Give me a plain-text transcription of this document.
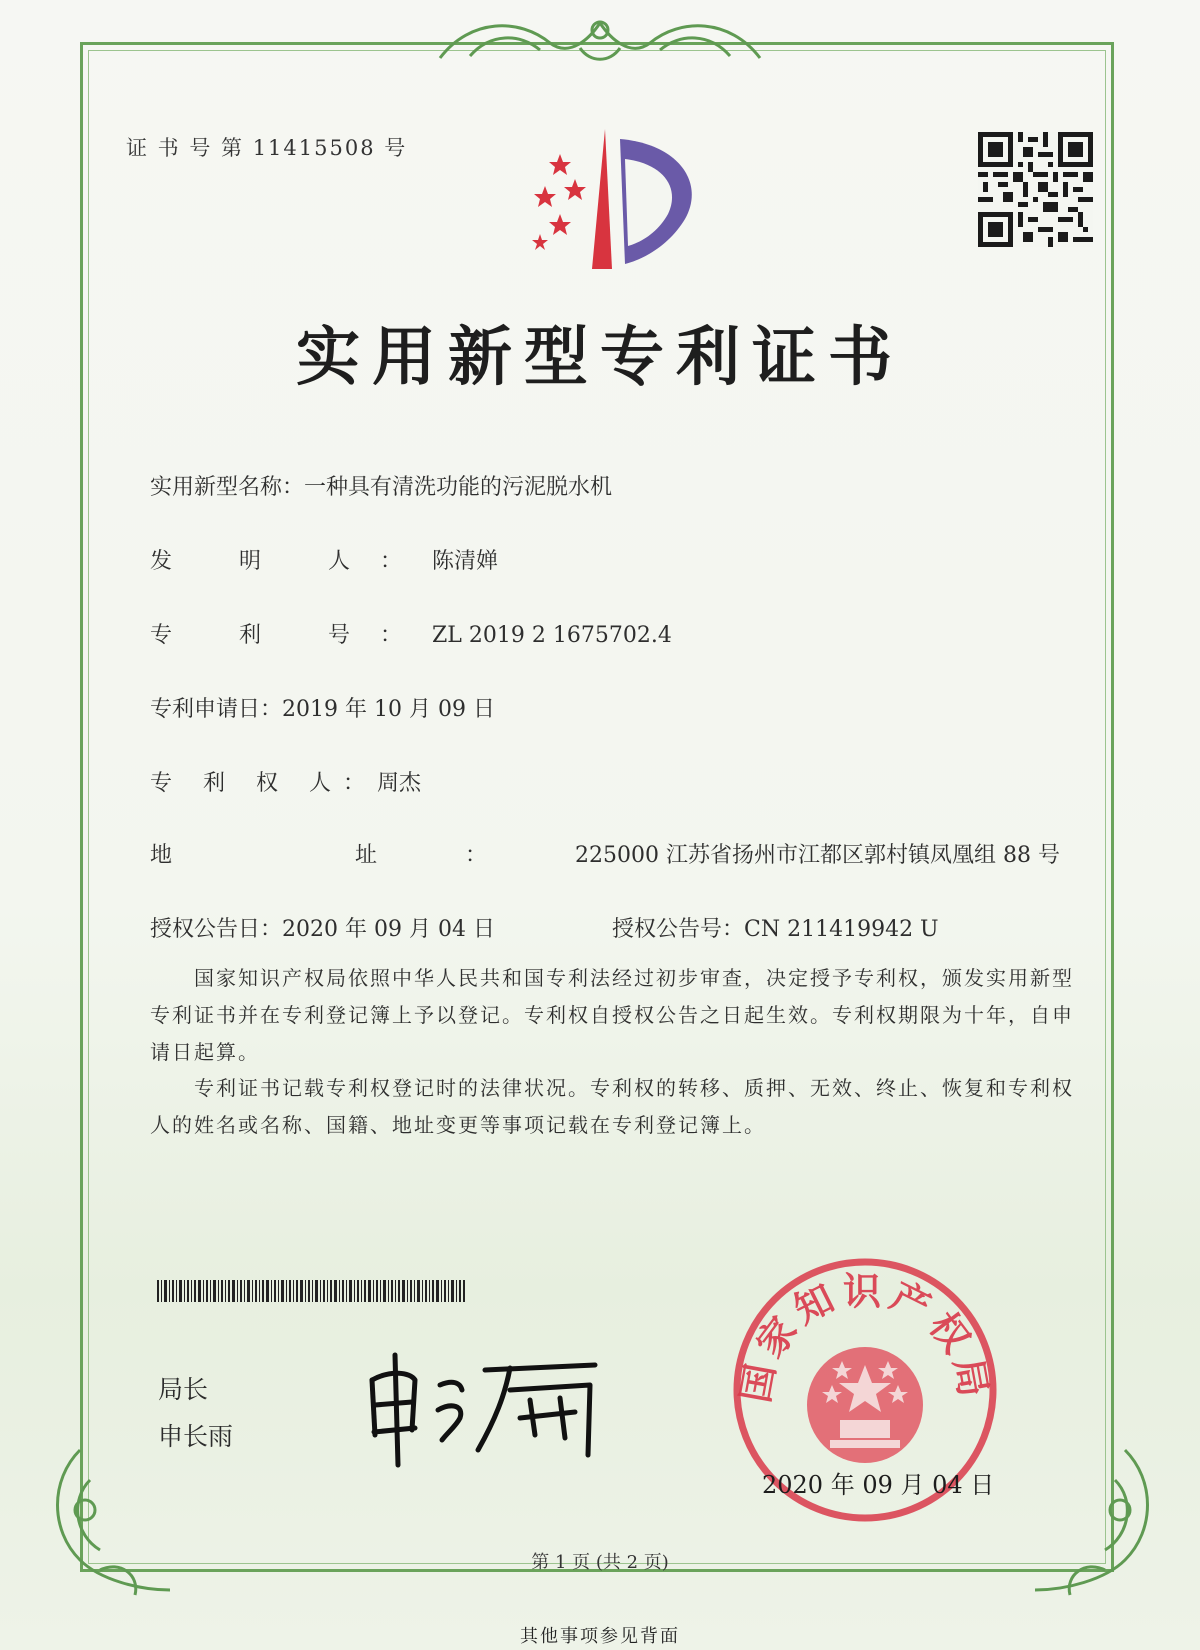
证 书 号 第 11415508 号
实用新型专利证书
实用新型名称：一种具有清洗功能的污泥脱水机
发 明 人：陈清婵
专 利 号：ZL 2019 2 1675702.4
专利申请日：2019 年 10 月 09 日
专 利 权 人：周杰
地 址：225000 江苏省扬州市江都区郭村镇凤凰组 88 号
授权公告日：2020 年 09 月 04 日	授权公告号：CN 211419942 U
国家知识产权局依照中华人民共和国专利法经过初步审查，决定授予专利权，颁发实用新型专利证书并在专利登记簿上予以登记。专利权自授权公告之日起生效。专利权期限为十年，自申请日起算。
专利证书记载专利权登记时的法律状况。专利权的转移、质押、无效、终止、恢复和专利权人的姓名或名称、国籍、地址变更等事项记载在专利登记簿上。
局长
申长雨
国家知识产权局
2020 年 09 月 04 日
第 1 页 (共 2 页)
其他事项参见背面
